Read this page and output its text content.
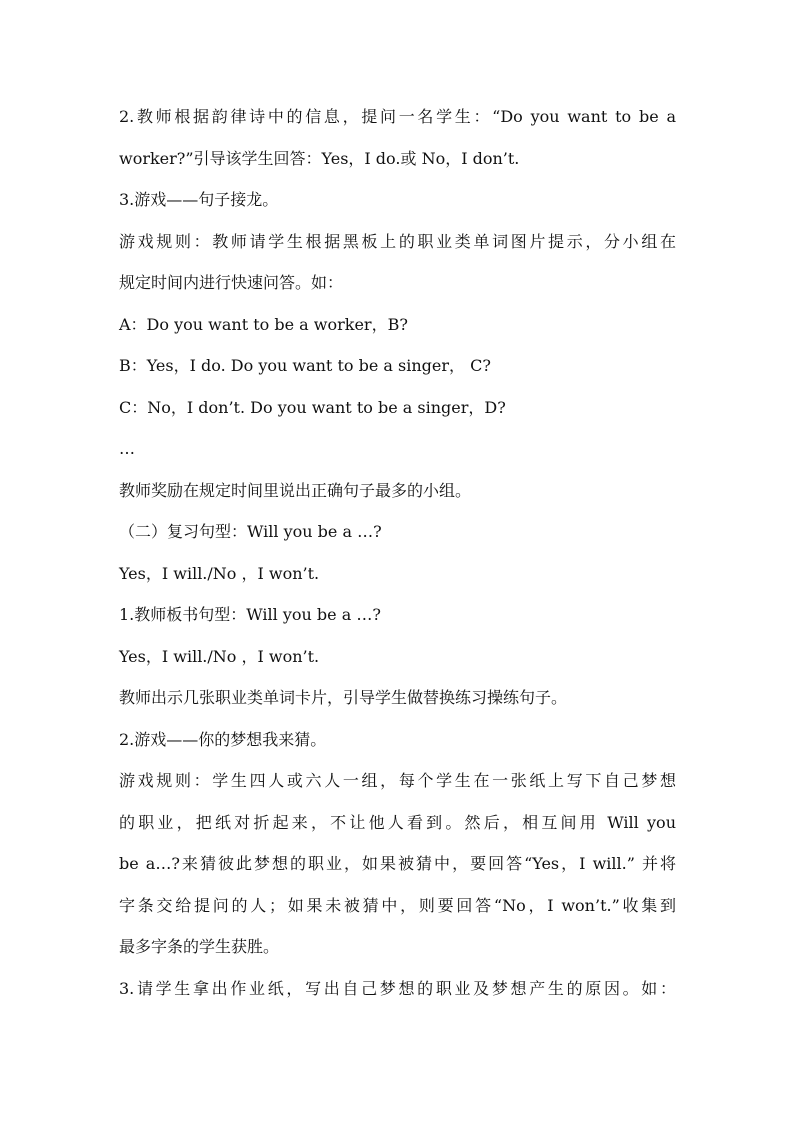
2.教师根据韵律诗中的信息，提问一名学生：“Do you want to be a
worker?”引导该学生回答：Yes，I do.或 No，I don’t.
3.游戏——句子接龙。
游戏规则：教师请学生根据黑板上的职业类单词图片提示，分小组在
规定时间内进行快速问答。如：
A：Do you want to be a worker，B?
B：Yes，I do. Do you want to be a singer， C?
C：No，I don’t. Do you want to be a singer，D?
…
教师奖励在规定时间里说出正确句子最多的小组。
（二）复习句型：Will you be a …?
Yes，I will./No ，I won’t.
1.教师板书句型：Will you be a …?
Yes，I will./No ，I won’t.
教师出示几张职业类单词卡片，引导学生做替换练习操练句子。
2.游戏——你的梦想我来猜。
游戏规则：学生四人或六人一组，每个学生在一张纸上写下自己梦想
的职业，把纸对折起来，不让他人看到。然后，相互间用 Will you
be a…?来猜彼此梦想的职业，如果被猜中，要回答“Yes，I will.” 并将
字条交给提问的人；如果未被猜中，则要回答“No，I won’t.”收集到
最多字条的学生获胜。
3.请学生拿出作业纸，写出自己梦想的职业及梦想产生的原因。如：
